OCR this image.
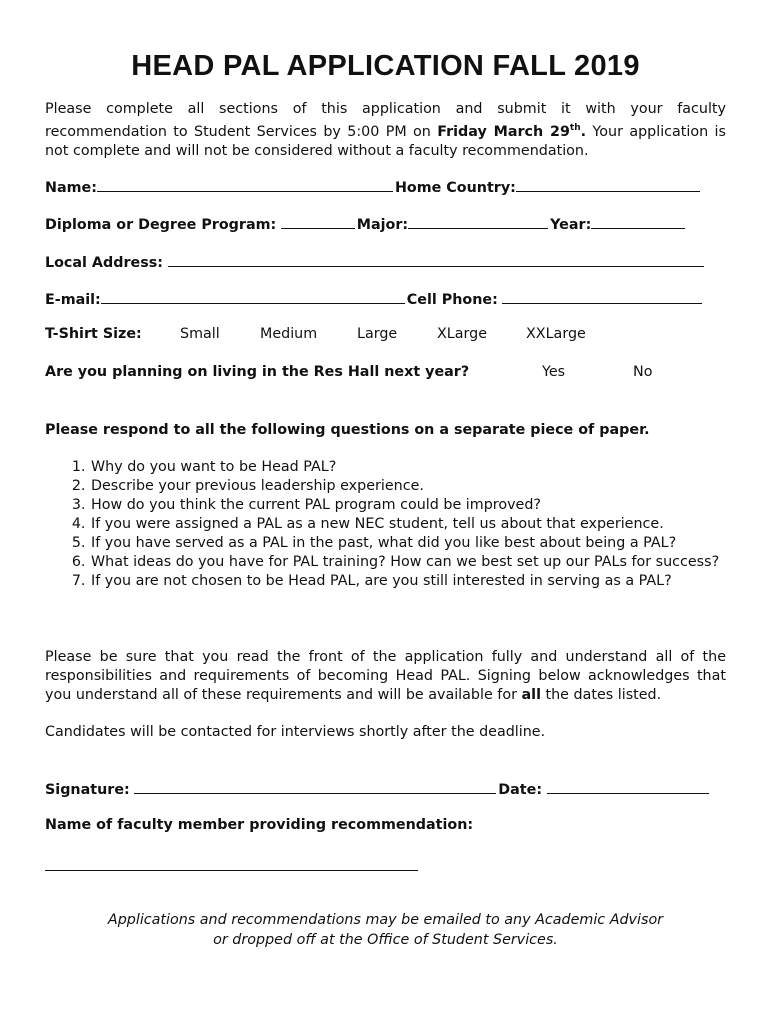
HEAD PAL APPLICATION FALL 2019

Please complete all sections of this application and submit it with your faculty recommendation to Student Services by 5:00 PM on Friday March 29th. Your application is not complete and will not be considered without a faculty recommendation.

Name:	Home Country:
Diploma or Degree Program:	Major:	Year:
Local Address:
E-mail:	Cell Phone:
T-Shirt Size:	Small	Medium	Large	XLarge	XXLarge
Are you planning on living in the Res Hall next year?	Yes	No
Please respond to all the following questions on a separate piece of paper.
1. Why do you want to be Head PAL?
2. Describe your previous leadership experience.
3. How do you think the current PAL program could be improved?
4. If you were assigned a PAL as a new NEC student, tell us about that experience.
5. If you have served as a PAL in the past, what did you like best about being a PAL?
6. What ideas do you have for PAL training? How can we best set up our PALs for success?
7. If you are not chosen to be Head PAL, are you still interested in serving as a PAL?

Please be sure that you read the front of the application fully and understand all of the responsibilities and requirements of becoming Head PAL. Signing below acknowledges that you understand all of these requirements and will be available for all the dates listed.

Candidates will be contacted for interviews shortly after the deadline.

Signature:	Date:
Name of faculty member providing recommendation:
Applications and recommendations may be emailed to any Academic Advisor
or dropped off at the Office of Student Services.
